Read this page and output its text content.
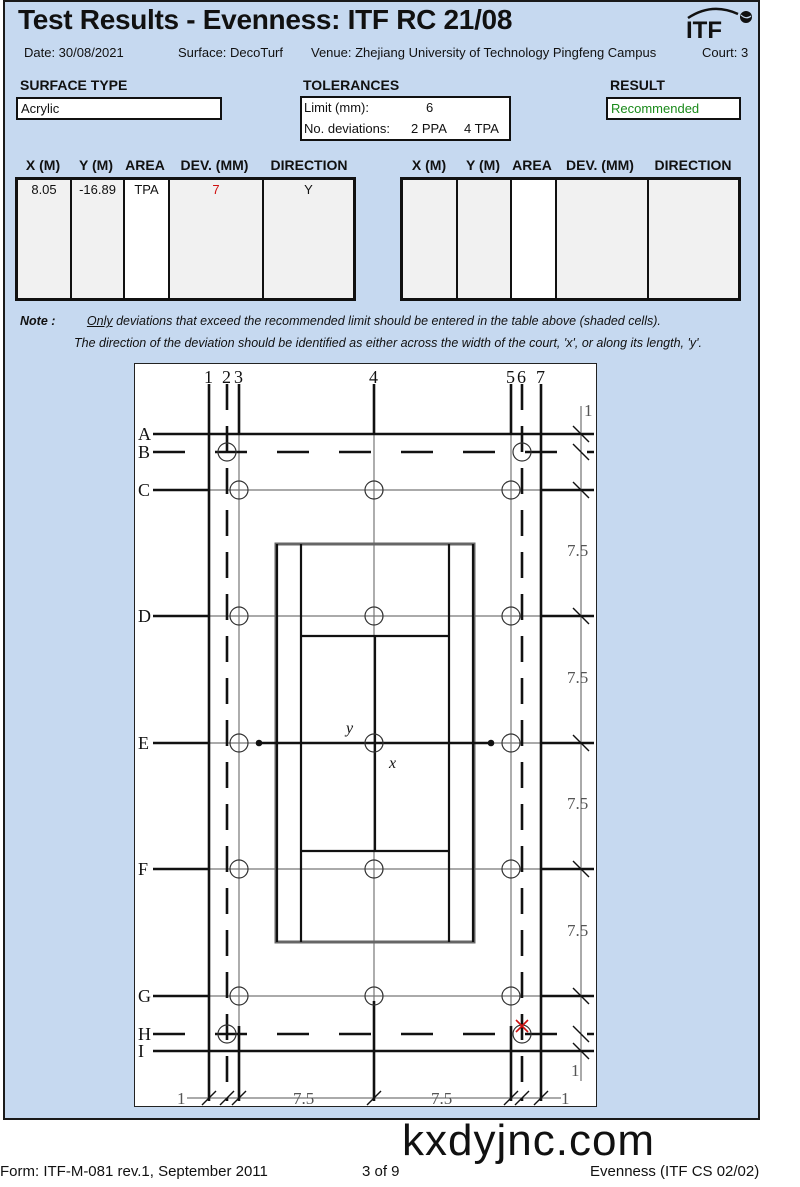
Test Results - Evenness: ITF RC 21/08	ITF
Date: 30/08/2021	Surface: DecoTurf Venue: Zhejiang University of Technology Pingfeng Campus	Court: 3
SURFACE TYPE
Acrylic
TOLERANCES
Limit (mm):	6
No. deviations: 2 PPA 4 TPA
RESULT
Recommended
X (M)	Y (M) AREA	DEV. (MM)	DIRECTION
8.05	-16.89	TPA	7	Y
X (M)	Y (M) AREA	DEV. (MM)	DIRECTION
Note :	Only deviations that exceed the recommended limit should be entered in the table above (shaded cells).
The direction of the deviation should be identified as either across the width of the court, 'x', or along its length, 'y'.
1 2 3	4	5 6 7
A
B
C
D
E
F
G
H
I
1
7.5
7.5
7.5
7.5
1
1	7.5	7.5	1
y
x
kxdyjnc.com
Form: ITF-M-081 rev.1, September 2011	3 of 9	Evenness (ITF CS 02/02)
